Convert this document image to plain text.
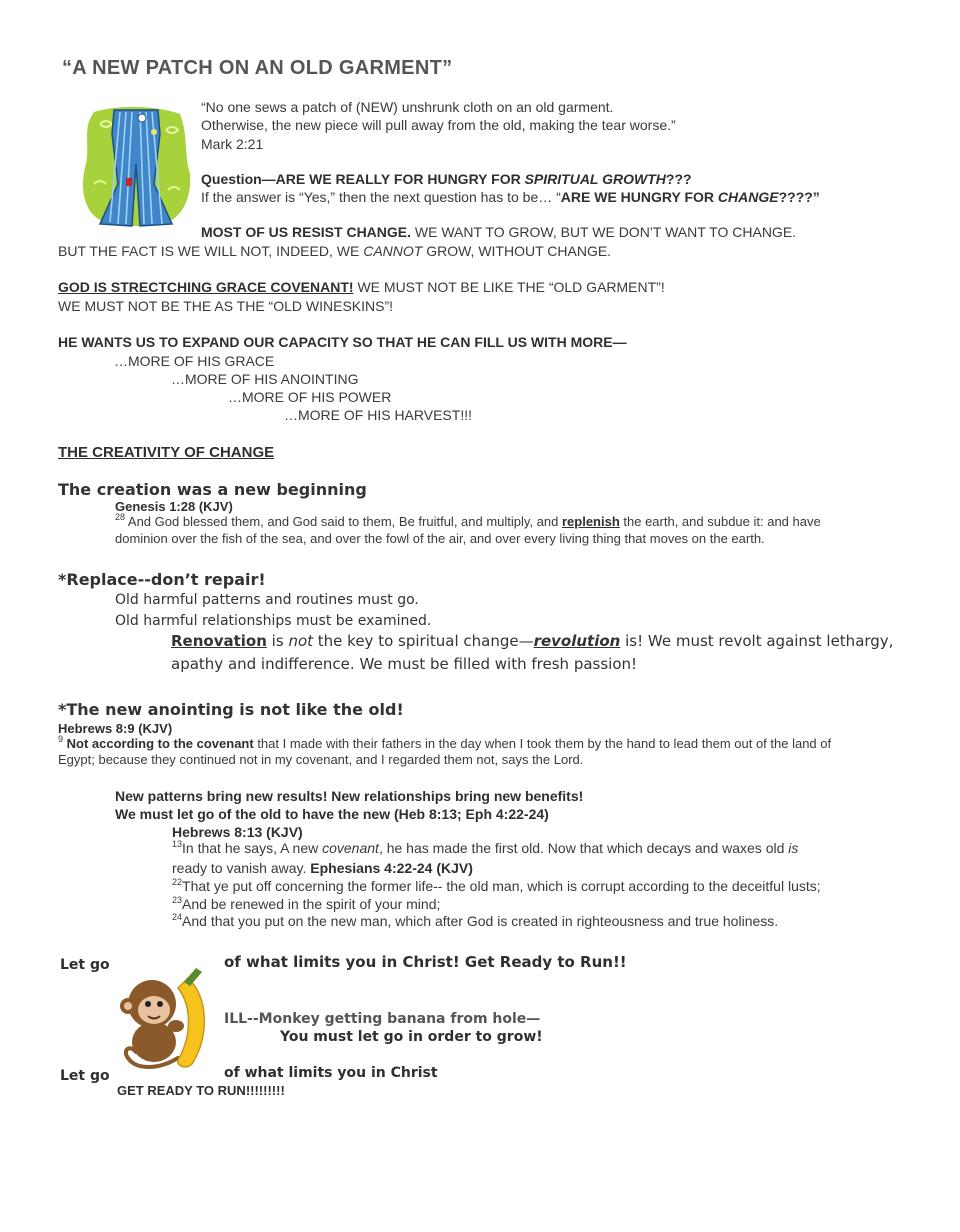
“A NEW PATCH ON AN OLD GARMENT”
“No one sews a patch of (NEW) unshrunk cloth on an old garment.
Otherwise, the new piece will pull away from the old, making the tear worse.”
Mark 2:21
Question—ARE WE REALLY FOR HUNGRY FOR SPIRITUAL GROWTH???
If the answer is “Yes,” then the next question has to be… “ARE WE HUNGRY FOR CHANGE????”
MOST OF US RESIST CHANGE. WE WANT TO GROW, BUT WE DON’T WANT TO CHANGE.
BUT THE FACT IS WE WILL NOT, INDEED, WE CANNOT GROW, WITHOUT CHANGE.
GOD IS STRECTCHING GRACE COVENANT! WE MUST NOT BE LIKE THE “OLD GARMENT”!
WE MUST NOT BE THE AS THE “OLD WINESKINS”!
HE WANTS US TO EXPAND OUR CAPACITY SO THAT HE CAN FILL US WITH MORE—
…MORE OF HIS GRACE
…MORE OF HIS ANOINTING
…MORE OF HIS POWER
…MORE OF HIS HARVEST!!!
THE CREATIVITY OF CHANGE
The creation was a new beginning
Genesis 1:28 (KJV)
$^{28}$ And God blessed them, and God said to them, Be fruitful, and multiply, and replenish the earth, and subdue it: and have
dominion over the fish of the sea, and over the fowl of the air, and over every living thing that moves on the earth.
*Replace--don’t repair!
Old harmful patterns and routines must go.
Old harmful relationships must be examined.
Renovation is not the key to spiritual change—revolution is! We must revolt against lethargy,
apathy and indifference. We must be filled with fresh passion!
*The new anointing is not like the old!
Hebrews 8:9 (KJV)
$^9$ Not according to the covenant that I made with their fathers in the day when I took them by the hand to lead them out of the land of
Egypt; because they continued not in my covenant, and I regarded them not, says the Lord.
New patterns bring new results! New relationships bring new benefits!
We must let go of the old to have the new (Heb 8:13; Eph 4:22-24)
Hebrews 8:13 (KJV)
$^{13}$In that he says, A new covenant, he has made the first old. Now that which decays and waxes old is
ready to vanish away. Ephesians 4:22-24 (KJV)
$^{22}$That ye put off concerning the former life-- the old man, which is corrupt according to the deceitful lusts;
$^{23}$And be renewed in the spirit of your mind;
$^{24}$And that you put on the new man, which after God is created in righteousness and true holiness.
Let go	of what limits you in Christ! Get Ready to Run!!
ILL--Monkey getting banana from hole—
You must let go in order to grow!
Let go	of what limits you in Christ
GET READY TO RUN!!!!!!!!!
